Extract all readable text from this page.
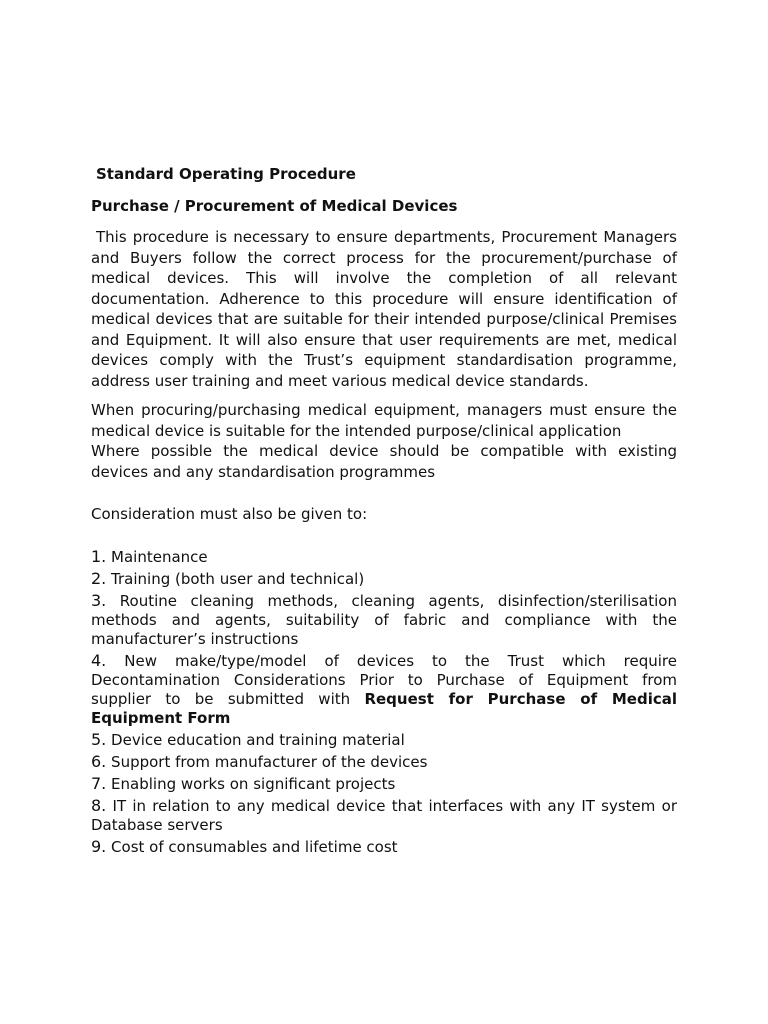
Standard Operating Procedure

Purchase / Procurement of Medical Devices

This procedure is necessary to ensure departments, Procurement Managers and Buyers follow the correct process for the procurement/purchase of medical devices. This will involve the completion of all relevant documentation. Adherence to this procedure will ensure identification of medical devices that are suitable for their intended purpose/clinical Premises and Equipment. It will also ensure that user requirements are met, medical devices comply with the Trust’s equipment standardisation programme, address user training and meet various medical device standards.

When procuring/purchasing medical equipment, managers must ensure the medical device is suitable for the intended purpose/clinical application

Where possible the medical device should be compatible with existing devices and any standardisation programmes

Consideration must also be given to:

1. Maintenance
2. Training (both user and technical)
3. Routine cleaning methods, cleaning agents, disinfection/sterilisation methods and agents, suitability of fabric and compliance with the manufacturer’s instructions
4. New make/type/model of devices to the Trust which require Decontamination Considerations Prior to Purchase of Equipment from supplier to be submitted with Request for Purchase of Medical Equipment Form
5. Device education and training material
6. Support from manufacturer of the devices
7. Enabling works on significant projects
8. IT in relation to any medical device that interfaces with any IT system or Database servers
9. Cost of consumables and lifetime cost
